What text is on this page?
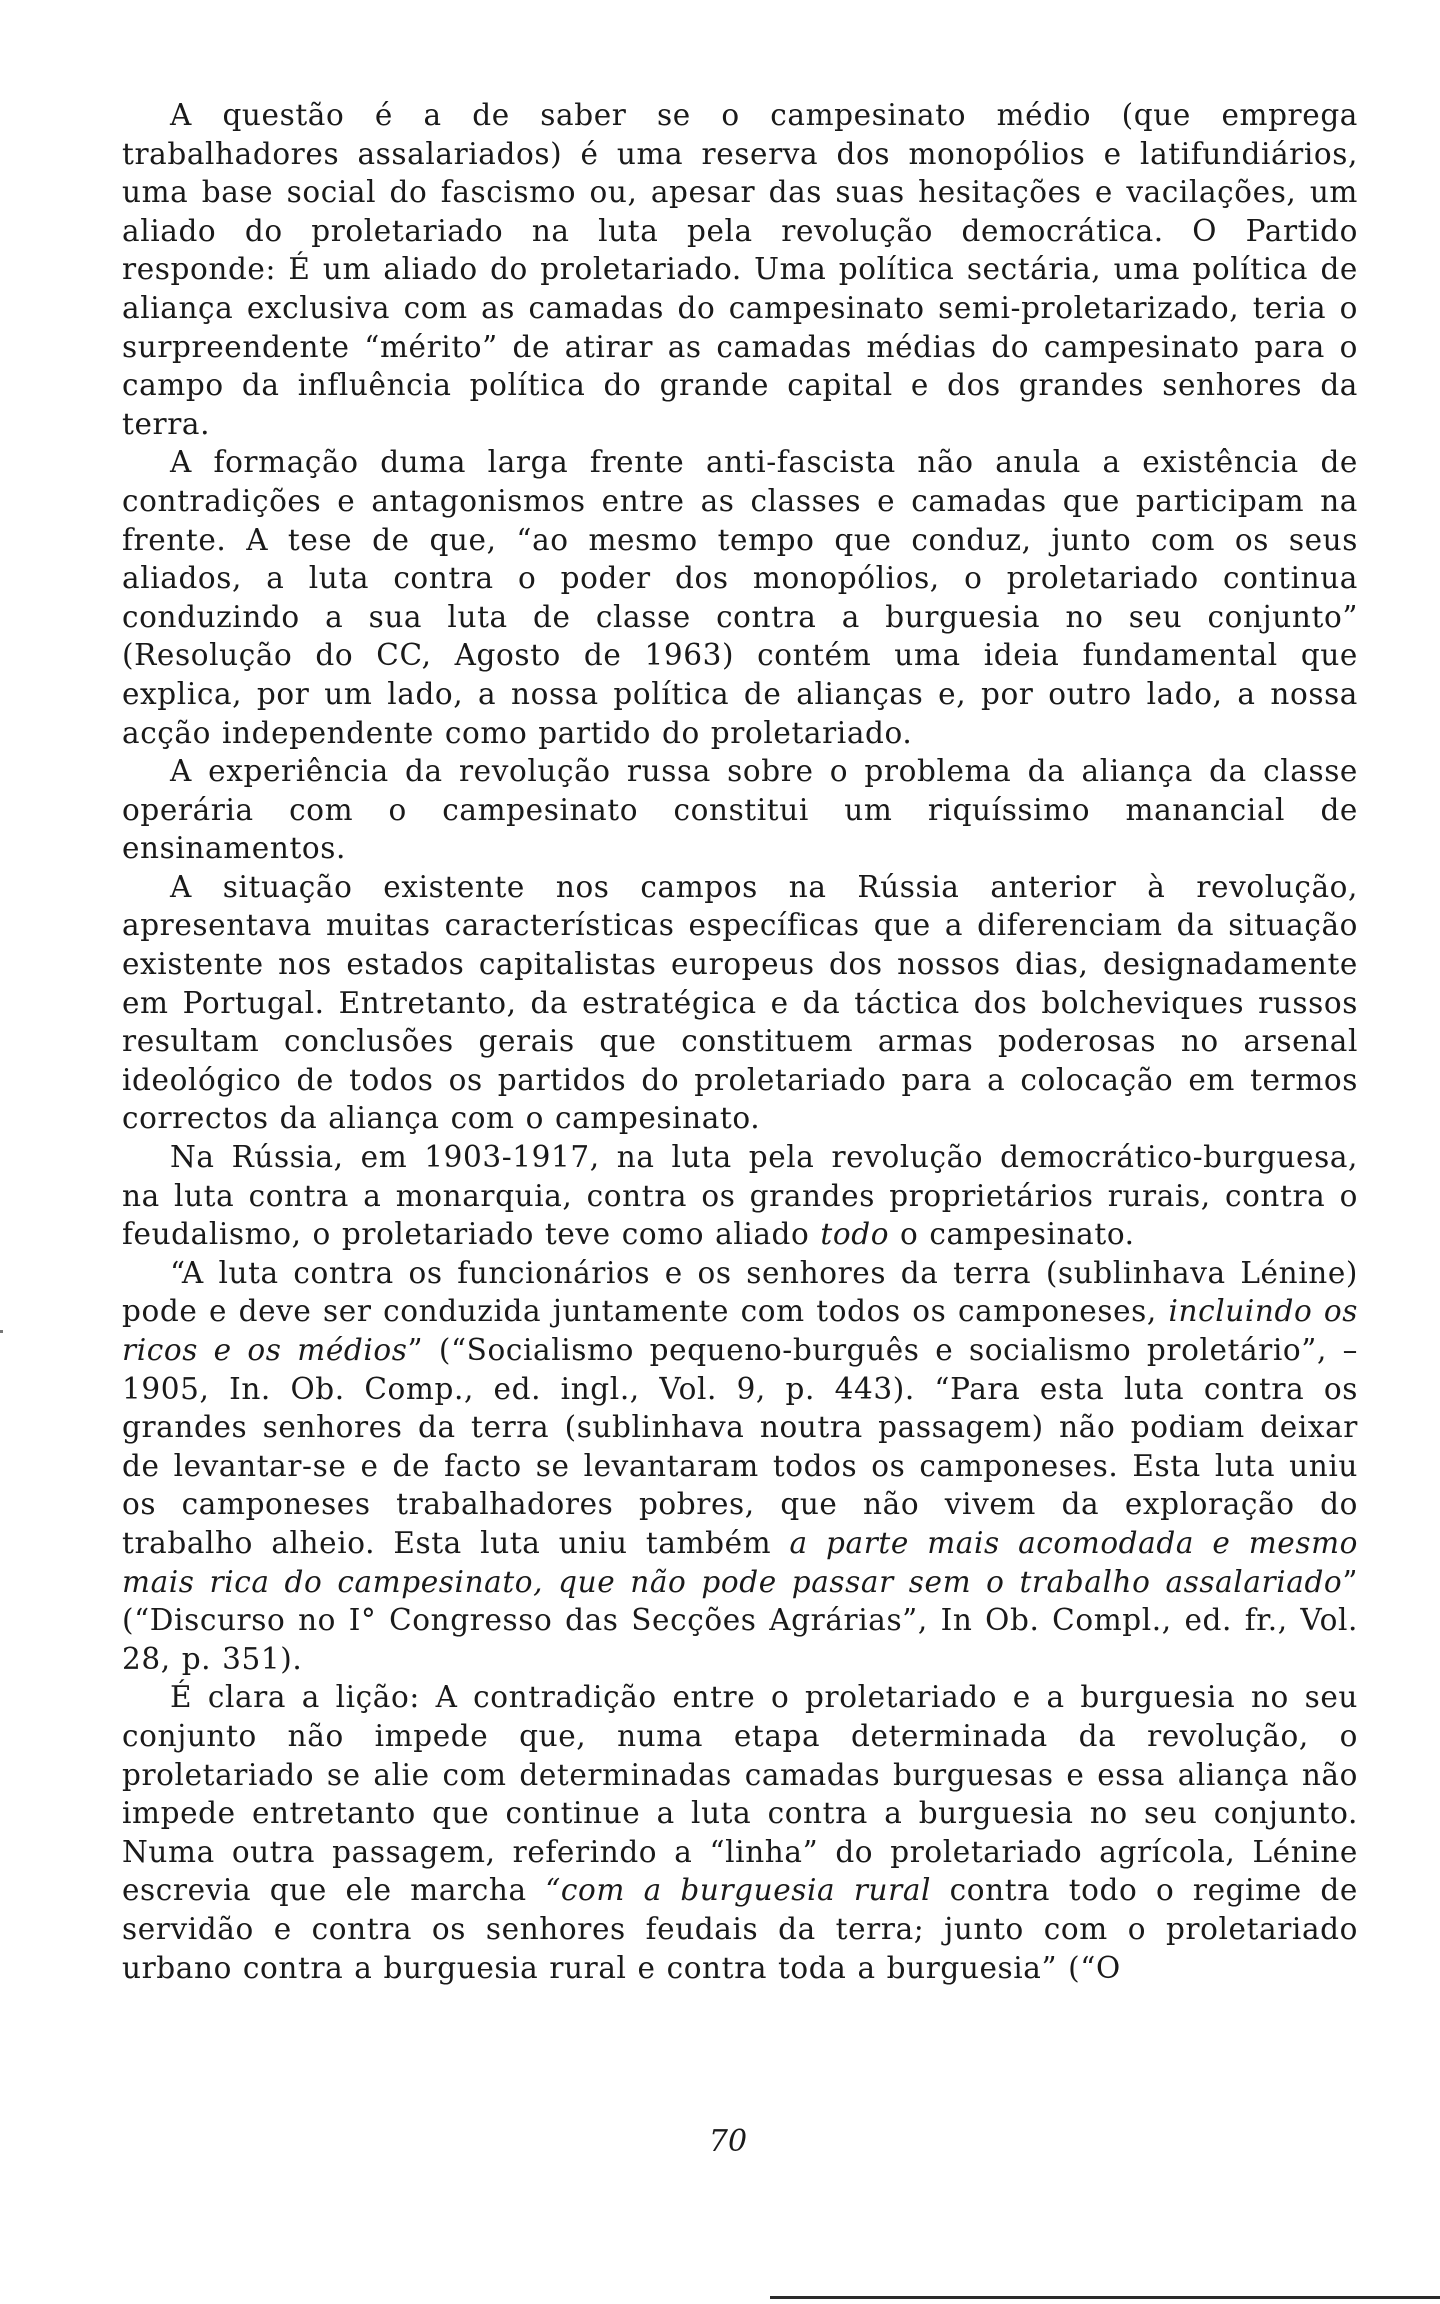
A questão é a de saber se o campesinato médio (que emprega trabalhadores assalariados) é uma reserva dos monopólios e latifundiários, uma base social do fascismo ou, apesar das suas hesitações e vacilações, um aliado do proletariado na luta pela revolução democrática. O Partido responde: É um aliado do proletariado. Uma política sectária, uma política de aliança exclusiva com as camadas do campesinato semi-proletarizado, teria o surpreendente “mérito” de atirar as camadas médias do campesinato para o campo da influência política do grande capital e dos grandes senhores da terra.

A formação duma larga frente anti-fascista não anula a existência de contradições e antagonismos entre as classes e camadas que participam na frente. A tese de que, “ao mesmo tempo que conduz, junto com os seus aliados, a luta contra o poder dos monopólios, o proletariado continua conduzindo a sua luta de classe contra a burguesia no seu conjunto” (Resolução do CC, Agosto de 1963) contém uma ideia fundamental que explica, por um lado, a nossa política de alianças e, por outro lado, a nossa acção independente como partido do proletariado.

A experiência da revolução russa sobre o problema da aliança da classe operária com o campesinato constitui um riquíssimo manancial de ensinamentos.

A situação existente nos campos na Rússia anterior à revolução, apresentava muitas características específicas que a diferenciam da situação existente nos estados capitalistas europeus dos nossos dias, designadamente em Portugal. Entretanto, da estratégica e da táctica dos bolcheviques russos resultam conclusões gerais que constituem armas poderosas no arsenal ideológico de todos os partidos do proletariado para a colocação em termos correctos da aliança com o campesinato.

Na Rússia, em 1903-1917, na luta pela revolução democrático-burguesa, na luta contra a monarquia, contra os grandes proprietários rurais, contra o feudalismo, o proletariado teve como aliado todo o campesinato.

“A luta contra os funcionários e os senhores da terra (sublinhava Lénine) pode e deve ser conduzida juntamente com todos os camponeses, incluindo os ricos e os médios” (“Socialismo pequeno-burguês e socialismo proletário”, – 1905, In. Ob. Comp., ed. ingl., Vol. 9, p. 443). “Para esta luta contra os grandes senhores da terra (sublinhava noutra passagem) não podiam deixar de levantar-se e de facto se levantaram todos os camponeses. Esta luta uniu os camponeses trabalhadores pobres, que não vivem da exploração do trabalho alheio. Esta luta uniu também a parte mais acomodada e mesmo mais rica do campesinato, que não pode passar sem o trabalho assalariado” (“Discurso no I° Congresso das Secções Agrárias”, In Ob. Compl., ed. fr., Vol. 28, p. 351).

É clara a lição: A contradição entre o proletariado e a burguesia no seu conjunto não impede que, numa etapa determinada da revolução, o proletariado se alie com determinadas camadas burguesas e essa aliança não impede entretanto que continue a luta contra a burguesia no seu conjunto. Numa outra passagem, referindo a “linha” do proletariado agrícola, Lénine escrevia que ele marcha “com a burguesia rural contra todo o regime de servidão e contra os senhores feudais da terra; junto com o proletariado urbano contra a burguesia rural e contra toda a burguesia” (“O

70
